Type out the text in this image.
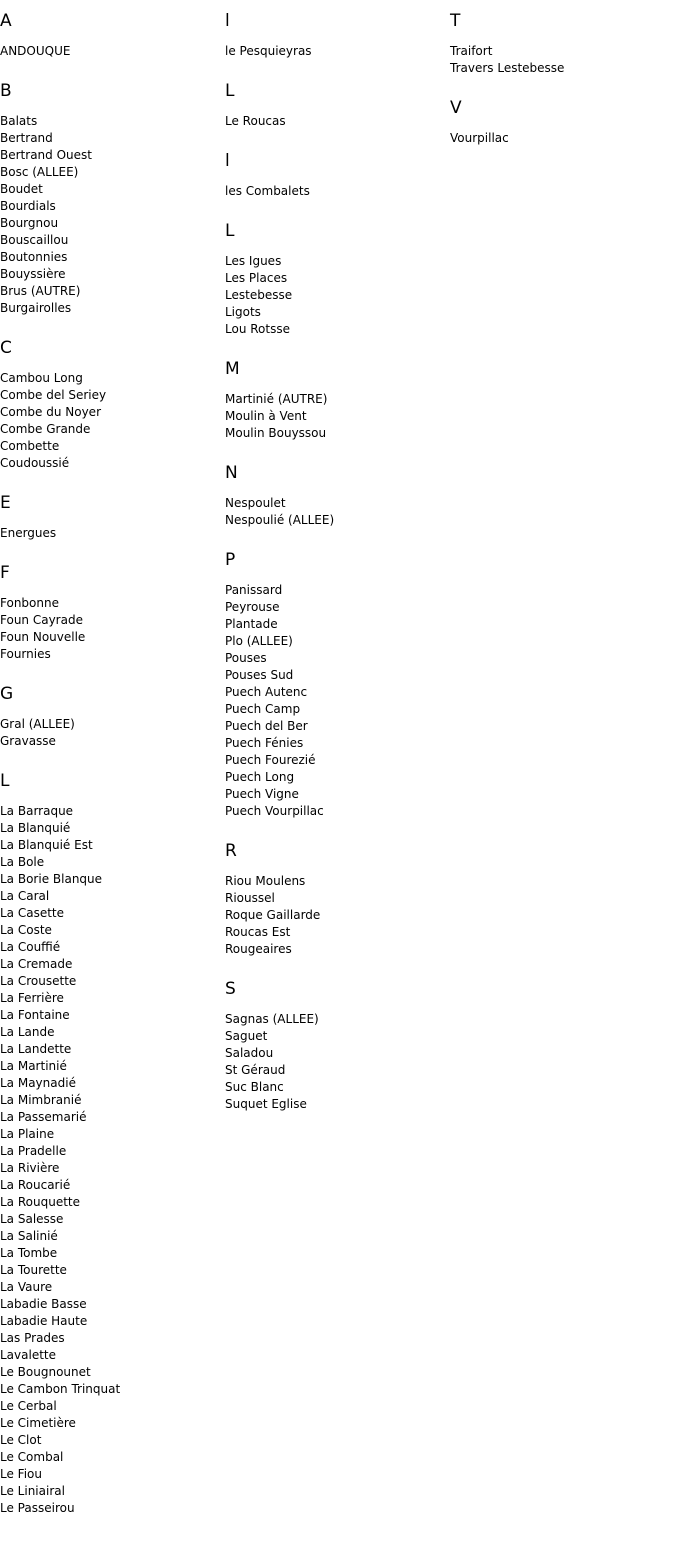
A
ANDOUQUE
B
Balats
Bertrand
Bertrand Ouest
Bosc (ALLEE)
Boudet
Bourdials
Bourgnou
Bouscaillou
Boutonnies
Bouyssière
Brus (AUTRE)
Burgairolles
C
Cambou Long
Combe del Seriey
Combe du Noyer
Combe Grande
Combette
Coudoussié
E
Energues
F
Fonbonne
Foun Cayrade
Foun Nouvelle
Fournies
G
Gral (ALLEE)
Gravasse
L
La Barraque
La Blanquié
La Blanquié Est
La Bole
La Borie Blanque
La Caral
La Casette
La Coste
La Couffié
La Cremade
La Crousette
La Ferrière
La Fontaine
La Lande
La Landette
La Martinié
La Maynadié
La Mimbranié
La Passemarié
La Plaine
La Pradelle
La Rivière
La Roucarié
La Rouquette
La Salesse
La Salinié
La Tombe
La Tourette
La Vaure
Labadie Basse
Labadie Haute
Las Prades
Lavalette
Le Bougnounet
Le Cambon Trinquat
Le Cerbal
Le Cimetière
Le Clot
Le Combal
Le Fiou
Le Liniairal
Le Passeirou
l
le Pesquieyras
L
Le Roucas
l
les Combalets
L
Les Igues
Les Places
Lestebesse
Ligots
Lou Rotsse
M
Martinié (AUTRE)
Moulin à Vent
Moulin Bouyssou
N
Nespoulet
Nespoulié (ALLEE)
P
Panissard
Peyrouse
Plantade
Plo (ALLEE)
Pouses
Pouses Sud
Puech Autenc
Puech Camp
Puech del Ber
Puech Fénies
Puech Fourezié
Puech Long
Puech Vigne
Puech Vourpillac
R
Riou Moulens
Rioussel
Roque Gaillarde
Roucas Est
Rougeaires
S
Sagnas (ALLEE)
Saguet
Saladou
St Géraud
Suc Blanc
Suquet Eglise
T
Traifort
Travers Lestebesse
V
Vourpillac
